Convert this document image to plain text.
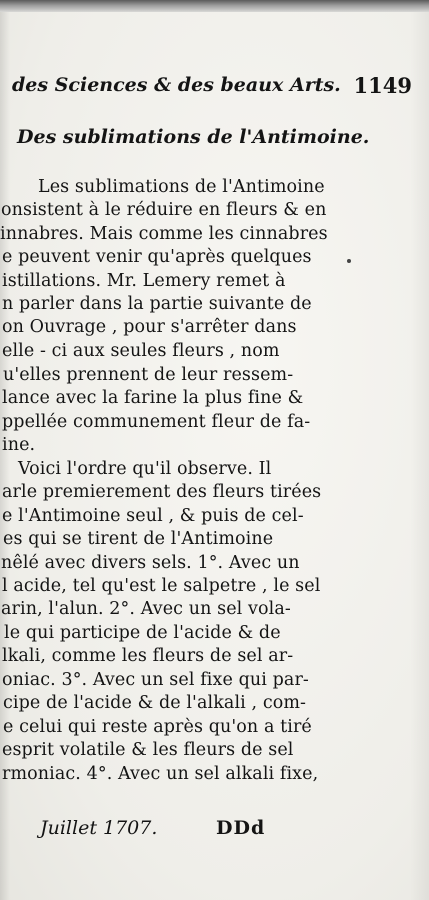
des Sciences & des beaux Arts. 1149
Des sublimations de l'Antimoine.
Les sublimations de l'Antimoine
onsistent à le réduire en fleurs & en
innabres. Mais comme les cinnabres
e peuvent venir qu'après quelques
istillations. Mr. Lemery remet à
n parler dans la partie suivante de
on Ouvrage , pour s'arrêter dans
elle - ci aux seules fleurs , nom
u'elles prennent de leur ressem-
lance avec la farine la plus fine &
ppellée communement fleur de fa-
ine.
Voici l'ordre qu'il observe. Il
arle premierement des fleurs tirées
e l'Antimoine seul , & puis de cel-
es qui se tirent de l'Antimoine
nêlé avec divers sels. 1°. Avec un
l acide, tel qu'est le salpetre , le sel
arin, l'alun. 2°. Avec un sel vola-
le qui participe de l'acide & de
lkali, comme les fleurs de sel ar-
oniac. 3°. Avec un sel fixe qui par-
cipe de l'acide & de l'alkali , com-
e celui qui reste après qu'on a tiré
esprit volatile & les fleurs de sel
rmoniac. 4°. Avec un sel alkali fixe,
Juillet 1707.	DDd
